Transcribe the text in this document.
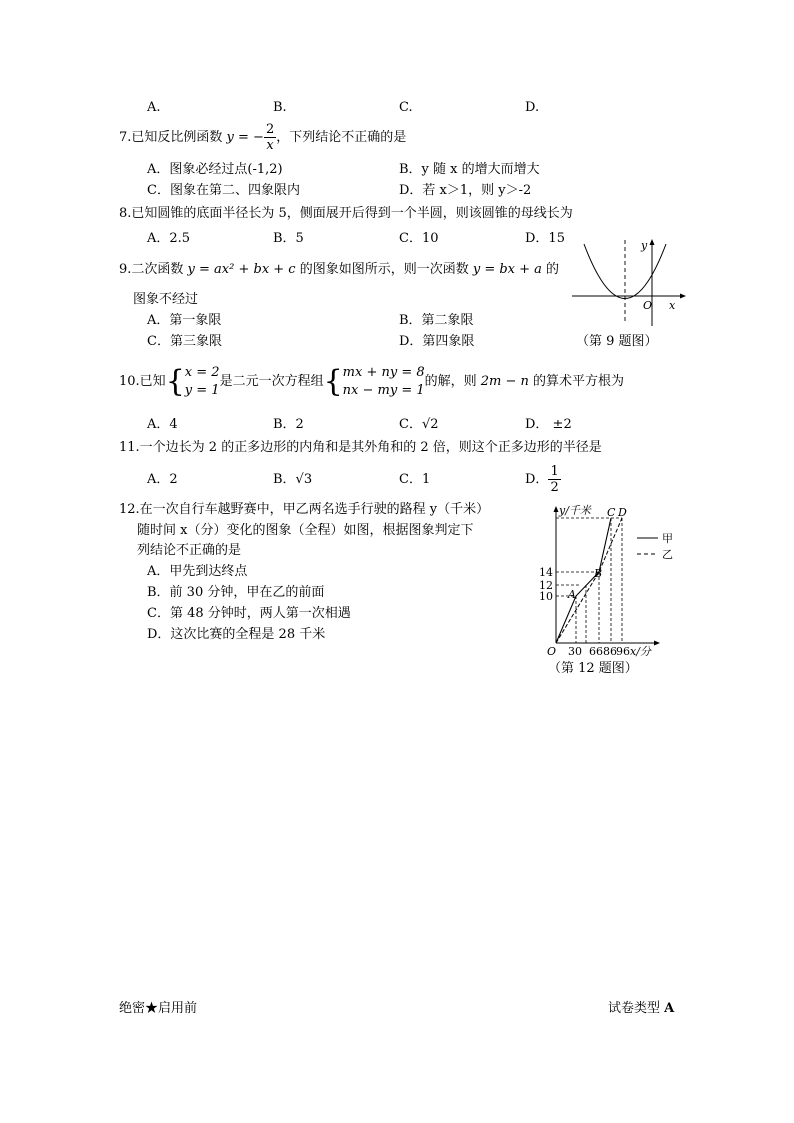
A.	B.	C.	D.
7.已知反比例函数 y = − $\frac{2}{x}$ ，下列结论不正确的是
A．图象必经过点(-1,2)	B．y 随 x 的增大而增大
C．图象在第二、四象限内	D．若 x＞1，则 y＞-2
8.已知圆锥的底面半径长为 5，侧面展开后得到一个半圆，则该圆锥的母线长为
A．2.5	B．5	C．10	D．15
9.二次函数 y = ax² + bx + c 的图象如图所示，则一次函数 y = bx + a 的
图象不经过
A．第一象限	B．第二象限
C．第三象限	D．第四象限
y
x
O
（第 9 题图）
10.已知{ x = 2
y = 1
是二元一次方程组{ mx + ny = 8
nx − my = 1
的解，则 2m − n 的算术平方根为
A．4	B．2	C．√2	D． ±2
11.一个边长为 2 的正多边形的内角和是其外角和的 2 倍，则这个正多边形的半径是
A．2	B．√3	C．1	D． $\frac{1}{2}$
12.在一次自行车越野赛中，甲乙两名选手行驶的路程 y（千米）
随时间 x（分）变化的图象（全程）如图，根据图象判定下
列结论不正确的是
A．甲先到达终点
B．前 30 分钟，甲在乙的前面
C．第 48 分钟时，两人第一次相遇
D．这次比赛的全程是 28 千米
y/千米
x/分
O
14
12
10
30 66 86 96
A
B
C D
甲
乙
（第 12 题图）
绝密★启用前	试卷类型 A
